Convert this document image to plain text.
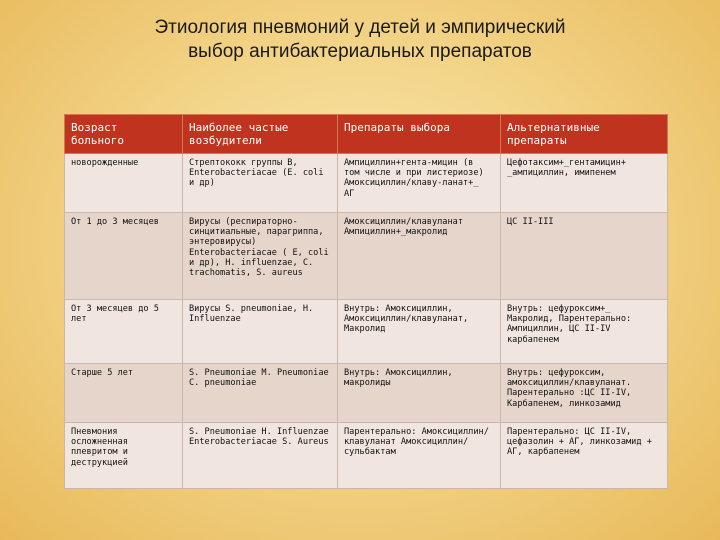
Этиология пневмоний у детей и эмпирический
выбор антибактериальных препаратов
Возраст больного	Наиболее частые возбудители	Препараты выбора	Альтернативные препараты
новорожденные	Стрептококк группы В, Enterobacteriacae (E. coli и др)	Ампициллин+гента-мицин (в том числе и при листериозе) Амоксициллин/клаву-ланат+_ АГ	Цефотаксим+_гентамицин+ _ампициллин, имипенем
От 1 до 3 месяцев	Вирусы (респираторно-синцитиальные, парагриппа, энтеровирусы) Enterobacteriacae ( E, coli и др), H. influenzae, C. trachomatis, S. aureus	Амоксициллин/клавуланат Ампициллин+_макролид	ЦС II-III
От 3 месяцев до 5 лет	Вирусы S. pneumoniae, H. Influenzae	Внутрь: Амоксициллин, Амоксициллин/клавуланат, Макролид	Внутрь: цефуроксим+_ Макролид, Парентерально: Ампициллин, ЦС II-IV карбапенем
Старше 5 лет	S. Pneumoniae M. Pneumoniae C. pneumoniae	Внутрь: Амоксициллин, макролиды	Внутрь: цефуроксим, амоксициллин/клавуланат. Парентерально :ЦС II-IV, Карбапенем, линкозамид
Пневмония осложненная плевритом и деструкцией	S. Pneumoniae H. Influenzae Enterobacteriacae S. Aureus	Парентерально: Амоксициллин/клавуланат Амоксициллин/сульбактам	Парентерально: ЦС II-IV, цефазолин + АГ, линкозамид + АГ, карбапенем
